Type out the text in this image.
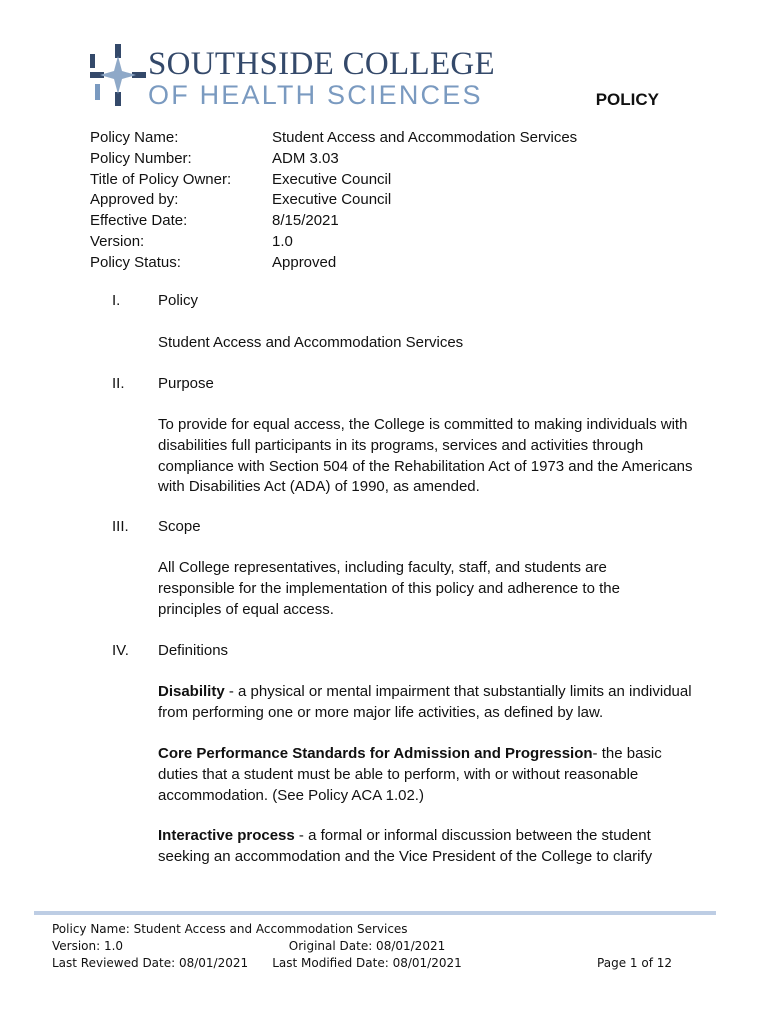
SOUTHSIDE COLLEGE
OF HEALTH SCIENCES	POLICY
Policy Name:	Student Access and Accommodation Services
Policy Number:	ADM 3.03
Title of Policy Owner:	Executive Council
Approved by:	Executive Council
Effective Date:	8/15/2021
Version:	1.0
Policy Status:	Approved
I.	Policy
Student Access and Accommodation Services
II. Purpose
To provide for equal access, the College is committed to making individuals with disabilities full participants in its programs, services and activities through compliance with Section 504 of the Rehabilitation Act of 1973 and the Americans with Disabilities Act (ADA) of 1990, as amended.
III. Scope
All College representatives, including faculty, staff, and students are responsible for the implementation of this policy and adherence to the principles of equal access.
IV. Definitions
Disability - a physical or mental impairment that substantially limits an individual from performing one or more major life activities, as defined by law.
Core Performance Standards for Admission and Progression- the basic duties that a student must be able to perform, with or without reasonable accommodation. (See Policy ACA 1.02.)
Interactive process - a formal or informal discussion between the student seeking an accommodation and the Vice President of the College to clarify
Policy Name: Student Access and Accommodation Services
Version: 1.0	Original Date: 08/01/2021
Last Reviewed Date: 08/01/2021	Last Modified Date: 08/01/2021	Page 1 of 12
